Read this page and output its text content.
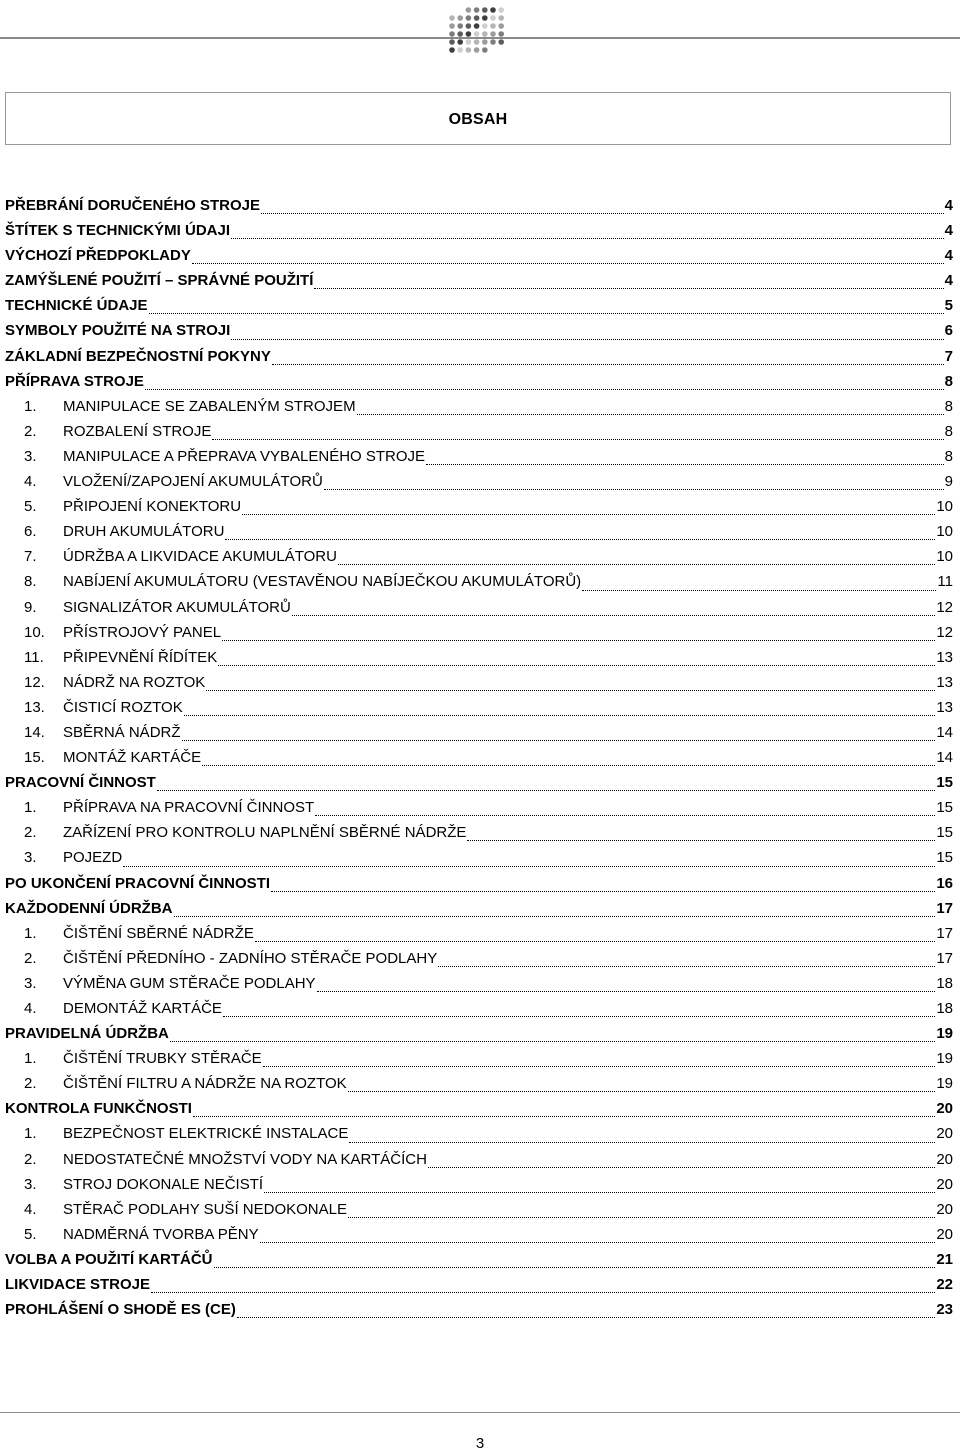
OBSAH
PŘEBRÁNÍ DORUČENÉHO STROJE	4
ŠTÍTEK S TECHNICKÝMI ÚDAJI	4
VÝCHOZÍ PŘEDPOKLADY	4
ZAMÝŠLENÉ POUŽITÍ – SPRÁVNÉ POUŽITÍ	4
TECHNICKÉ ÚDAJE	5
SYMBOLY POUŽITÉ NA STROJI	6
ZÁKLADNÍ BEZPEČNOSTNÍ POKYNY	7
PŘÍPRAVA STROJE	8
1.	MANIPULACE SE ZABALENÝM STROJEM	8
2.	ROZBALENÍ STROJE	8
3.	MANIPULACE A PŘEPRAVA VYBALENÉHO STROJE	8
4.	VLOŽENÍ/ZAPOJENÍ AKUMULÁTORŮ	9
5.	PŘIPOJENÍ KONEKTORU	10
6.	DRUH AKUMULÁTORU	10
7.	ÚDRŽBA A LIKVIDACE AKUMULÁTORU	10
8.	NABÍJENÍ AKUMULÁTORU (VESTAVĚNOU NABÍJEČKOU AKUMULÁTORŮ)	11
9.	SIGNALIZÁTOR AKUMULÁTORŮ	12
10.	PŘÍSTROJOVÝ PANEL	12
11.	PŘIPEVNĚNÍ ŘÍDÍTEK	13
12.	NÁDRŽ NA ROZTOK	13
13.	ČISTICÍ ROZTOK	13
14.	SBĚRNÁ NÁDRŽ	14
15.	MONTÁŽ KARTÁČE	14
PRACOVNÍ ČINNOST	15
1.	PŘÍPRAVA NA PRACOVNÍ ČINNOST	15
2.	ZAŘÍZENÍ PRO KONTROLU NAPLNĚNÍ SBĚRNÉ NÁDRŽE	15
3.	POJEZD	15
PO UKONČENÍ PRACOVNÍ ČINNOSTI	16
KAŽDODENNÍ ÚDRŽBA	17
1.	ČIŠTĚNÍ SBĚRNÉ NÁDRŽE	17
2.	ČIŠTĚNÍ PŘEDNÍHO - ZADNÍHO STĚRAČE PODLAHY	17
3.	VÝMĚNA GUM STĚRAČE PODLAHY	18
4.	DEMONTÁŽ KARTÁČE	18
PRAVIDELNÁ ÚDRŽBA	19
1.	ČIŠTĚNÍ TRUBKY STĚRAČE	19
2.	ČIŠTĚNÍ FILTRU A NÁDRŽE NA ROZTOK	19
KONTROLA FUNKČNOSTI	20
1.	BEZPEČNOST ELEKTRICKÉ INSTALACE	20
2.	NEDOSTATEČNÉ MNOŽSTVÍ VODY NA KARTÁČÍCH	20
3.	STROJ DOKONALE NEČISTÍ	20
4.	STĚRAČ PODLAHY SUŠÍ NEDOKONALE	20
5.	NADMĚRNÁ TVORBA PĚNY	20
VOLBA A POUŽITÍ KARTÁČŮ	21
LIKVIDACE STROJE	22
PROHLÁŠENÍ O SHODĚ ES (CE)	23
3
